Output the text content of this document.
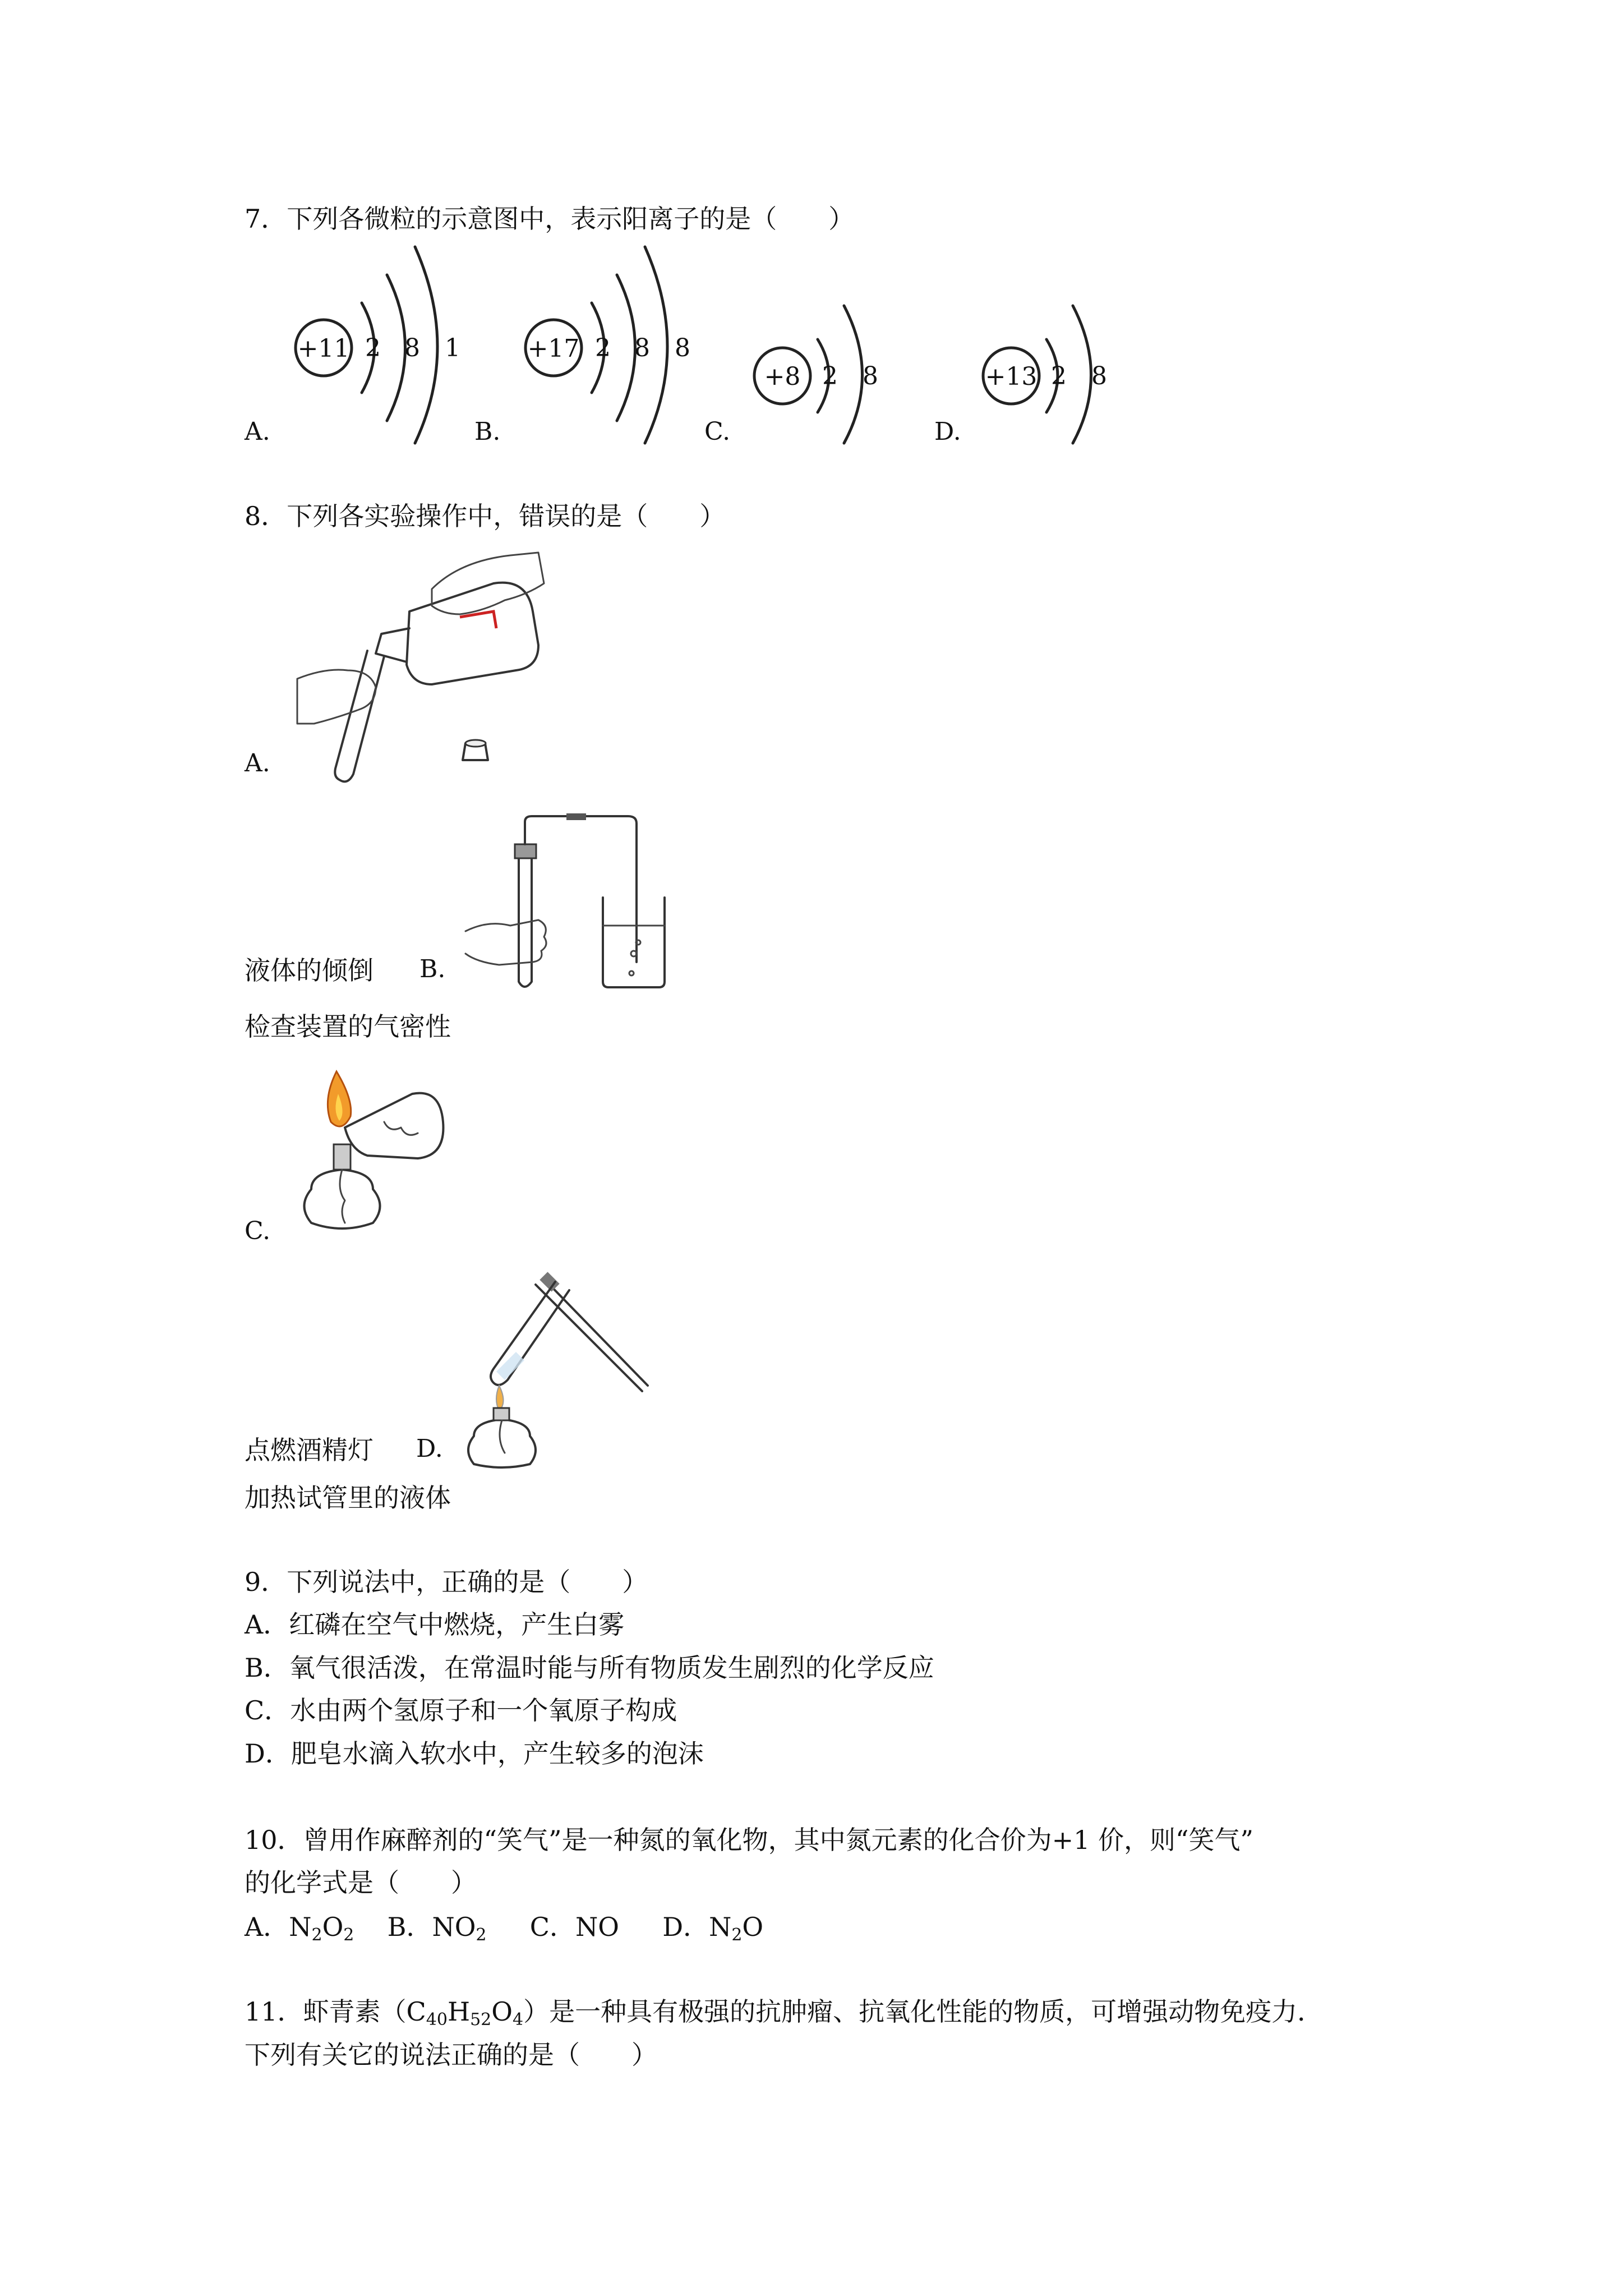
7．下列各微粒的示意图中，表示阳离子的是（　　）
+11 2 8 1
A.
+17 2 8 8
B.
+8 2 8
C.
+13 2 8
D.
8．下列各实验操作中，错误的是（　　）
A.
液体的倾倒 B.
检查装置的气密性
C.
点燃酒精灯 D.
加热试管里的液体
9．下列说法中，正确的是（　　）
A．红磷在空气中燃烧，产生白雾
B．氧气很活泼，在常温时能与所有物质发生剧烈的化学反应
C．水由两个氢原子和一个氧原子构成
D．肥皂水滴入软水中，产生较多的泡沫
10．曾用作麻醉剂的“笑气”是一种氮的氧化物，其中氮元素的化合价为+1 价，则“笑气”
的化学式是（　　）
A．$N_2O_2$ B．$NO_2$ C．NO D．$N_2O$
11．虾青素$(C_{40}H_{52}O_4)$是一种具有极强的抗肿瘤、抗氧化性能的物质，可增强动物免疫力．
下列有关它的说法正确的是（　　）
